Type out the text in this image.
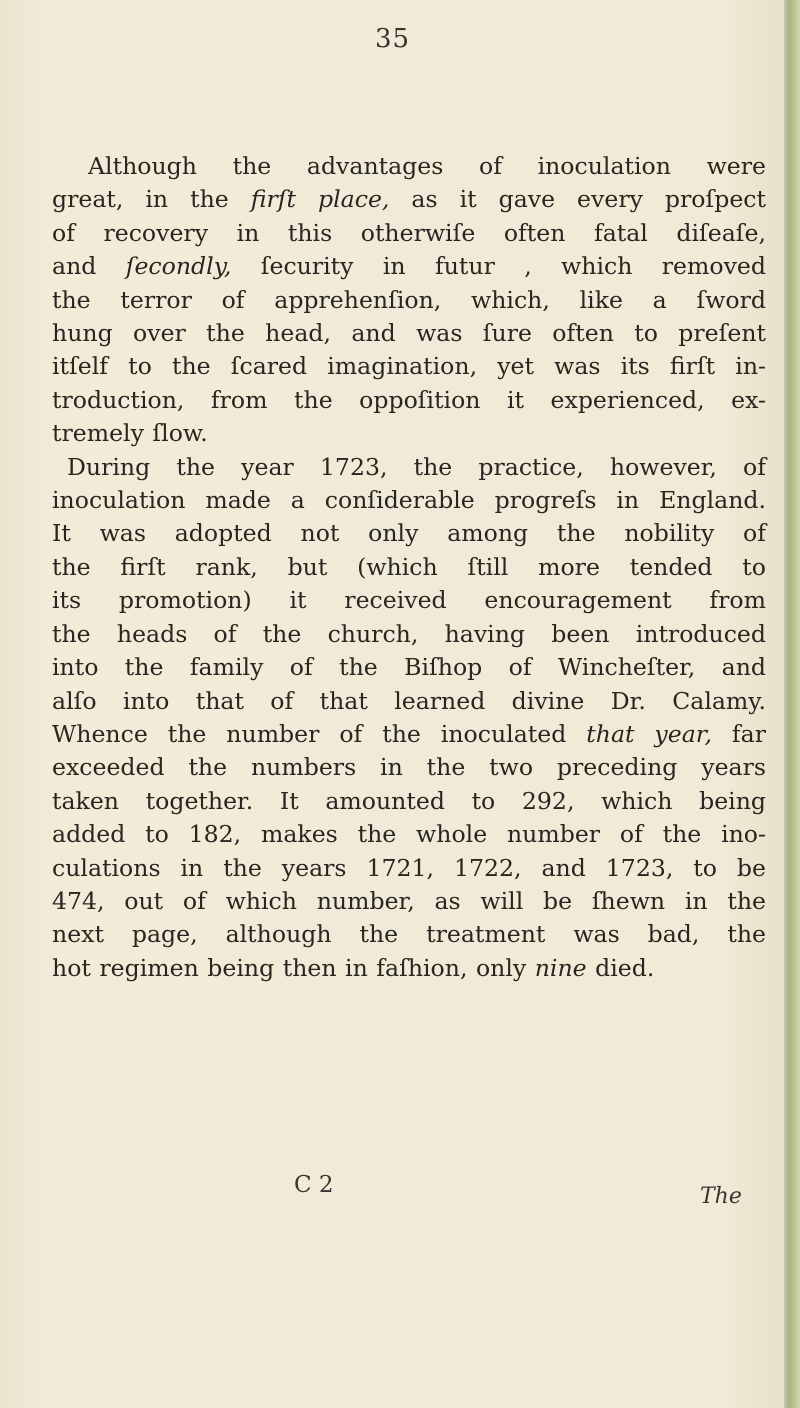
35
Although the advantages of inoculation were
great, in the firſt place, as it gave every proſpect
of recovery in this otherwiſe often fatal diſeaſe,
and ſecondly, ſecurity in futur , which removed
the terror of apprehenſion, which, like a ſword
hung over the head, and was ſure often to preſent
itſelf to the ſcared imagination, yet was its firſt in-
troduction, from the oppoſition it experienced, ex-
tremely ſlow.
During the year 1723, the practice, however, of
inoculation made a conſiderable progreſs in England.
It was adopted not only among the nobility of
the firſt rank, but (which ſtill more tended to
its promotion) it received encouragement from
the heads of the church, having been introduced
into the family of the Biſhop of Wincheſter, and
alſo into that of that learned divine Dr. Calamy.
Whence the number of the inoculated that year, far
exceeded the numbers in the two preceding years
taken together. It amounted to 292, which being
added to 182, makes the whole number of the ino-
culations in the years 1721, 1722, and 1723, to be
474, out of which number, as will be ſhewn in the
next page, although the treatment was bad, the
hot regimen being then in faſhion, only nine died.
C 2	The
